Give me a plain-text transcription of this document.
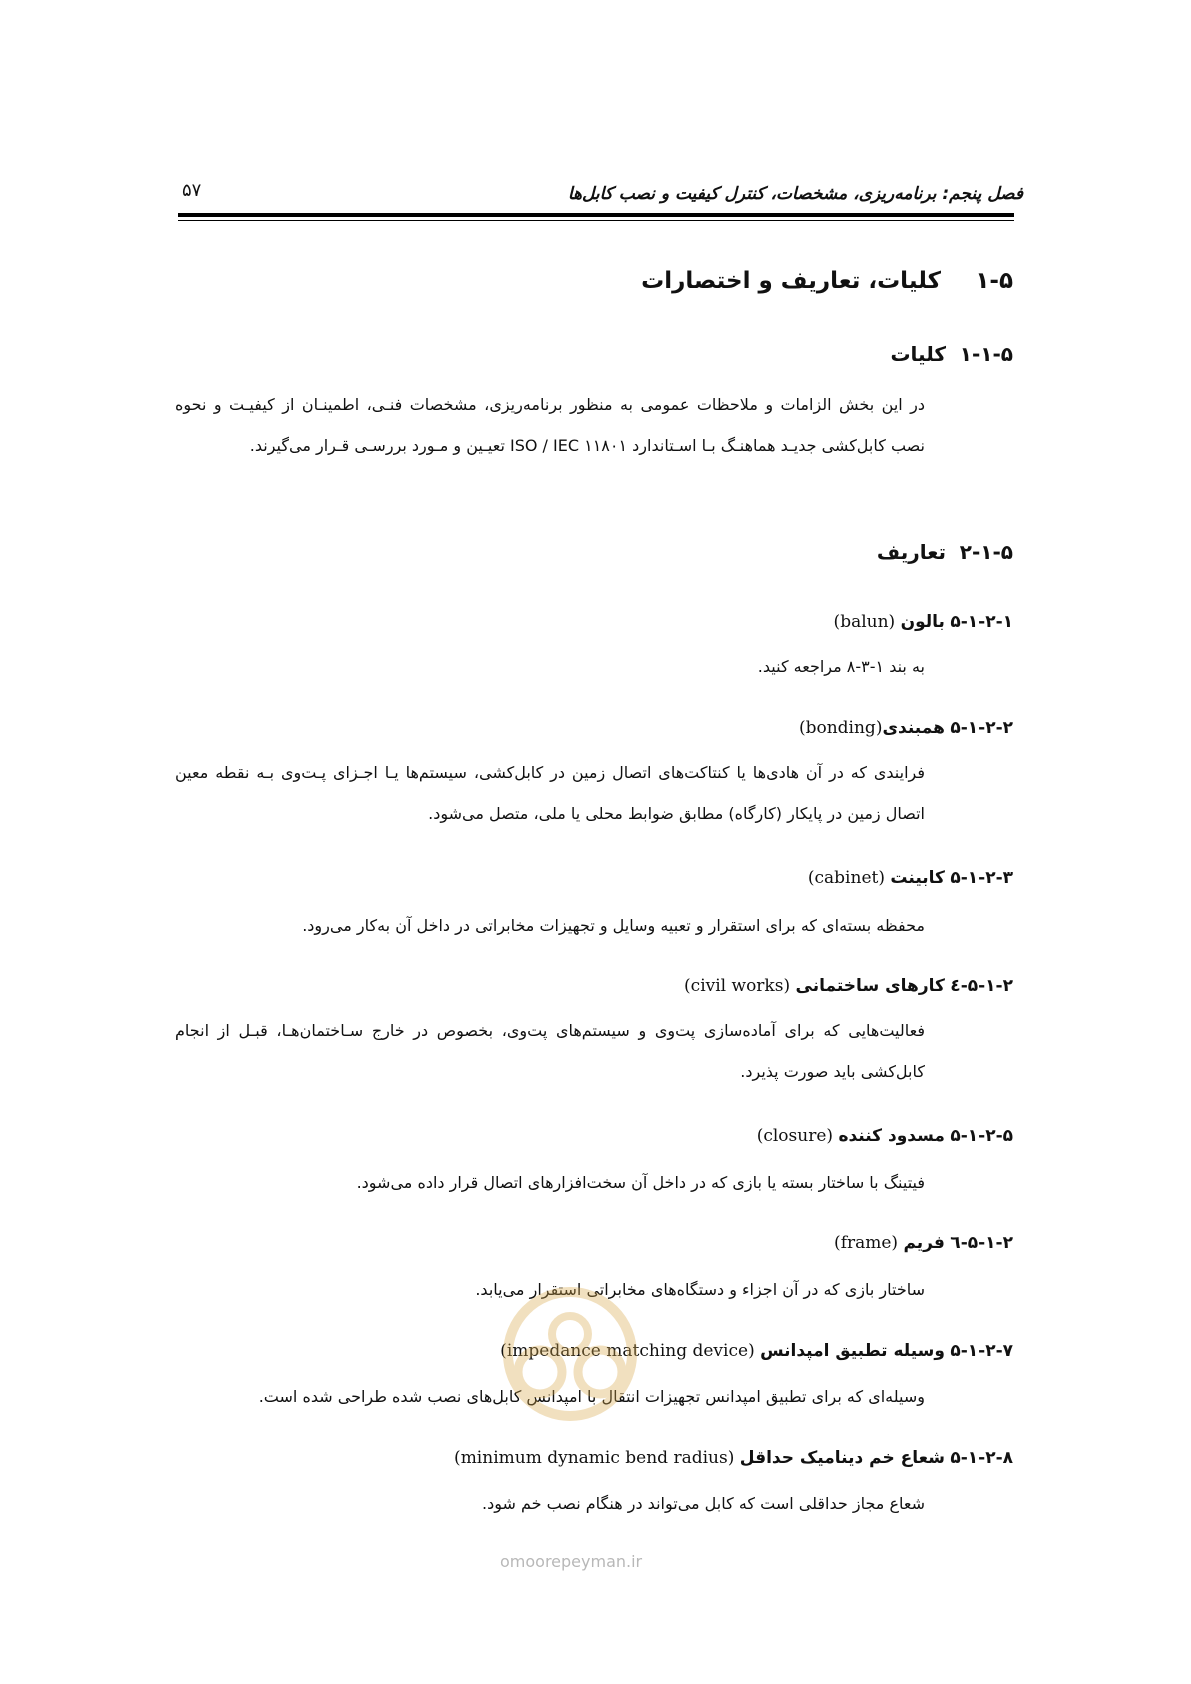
فصل پنجم: برنامه‌ریزی، مشخصات، کنترل کیفیت و نصب کابل‌ها
۵۷
۱-۵ کلیات، تعاریف و اختصارات
۱-۱-۵ کلیات
در این بخش الزامات و ملاحظات عمومی به منظور برنامه‌ریزی، مشخصات فنـی، اطمینـان از کیفیـت و نحوه نصب کابل‌کشی جدیـد هماهنـگ بـا اسـتاندارد ISO / IEC ۱۱۸۰۱ تعیـین و مـورد بررسـی قـرار می‌گیرند.
۲-۱-۵ تعاریف
۵-۱-۲-۱ بالون (balun)
به بند ۱-۳-۸ مراجعه کنید.
۵-۱-۲-۲ همبندی(bonding)
فرایندی که در آن هادی‌ها یا کنتاکت‌های اتصال زمین در کابل‌کشی، سیستم‌ها یـا اجـزای پـت‌وی بـه نقطه معین اتصال زمین در پایکار (کارگاه) مطابق ضوابط محلی یا ملی، متصل می‌شود.
۵-۱-۲-۳ کابینت (cabinet)
محفظه بسته‌ای که برای استقرار و تعبیه وسایل و تجهیزات مخابراتی در داخل آن به‌کار می‌رود.
۵-۱-۲-٤ کارهای ساختمانی (civil works)
فعالیت‌هایی که برای آماده‌سازی پت‌وی و سیستم‌های پت‌وی، بخصوص در خارج سـاختمان‌هـا، قبـل از انجام کابل‌کشی باید صورت پذیرد.
۵-۱-۲-۵ مسدود کننده (closure)
فیتینگ با ساختار بسته یا بازی که در داخل آن سخت‌افزارهای اتصال قرار داده می‌شود.
۵-۱-۲-٦ فریم (frame)
ساختار بازی که در آن اجزاء و دستگاه‌های مخابراتی استقرار می‌یابد.
۵-۱-۲-۷ وسیله تطبیق امپدانس (impedance matching device)
وسیله‌ای که برای تطبیق امپدانس تجهیزات انتقال با امپدانس کابل‌های نصب شده طراحی شده است.
۵-۱-۲-۸ شعاع خم دینامیک حداقل (minimum dynamic bend radius)
شعاع مجاز حداقلی است که کابل می‌تواند در هنگام نصب خم شود.
omoorepeyman.ir
